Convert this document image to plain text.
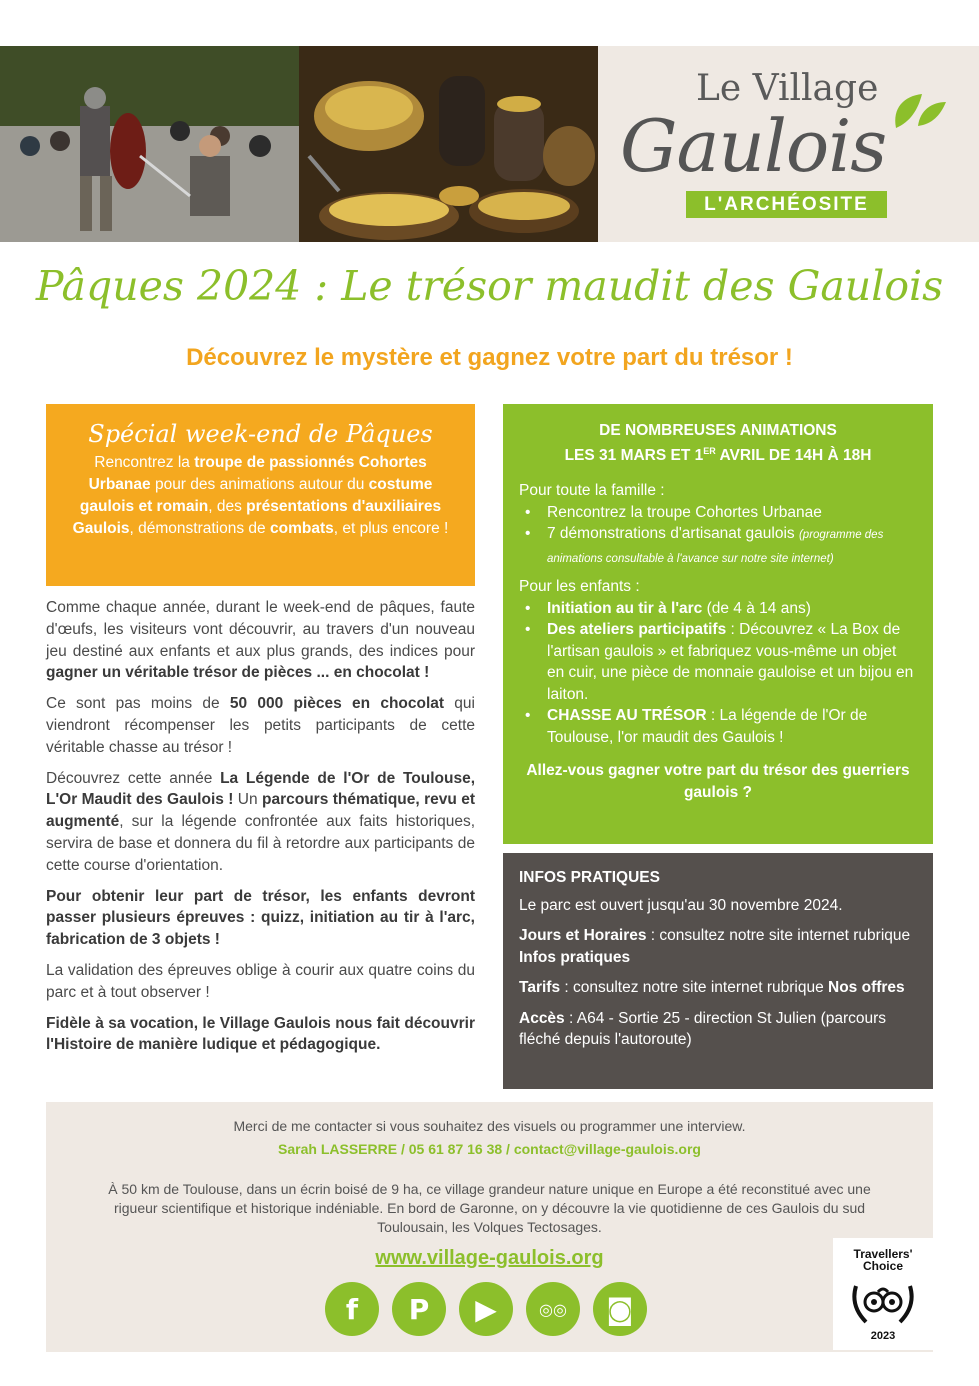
Le Village
Gaulois
L'ARCHÉOSITE
Pâques 2024 : Le trésor maudit des Gaulois
Découvrez le mystère et gagnez votre part du trésor !
Spécial week-end de Pâques

Rencontrez la troupe de passionnés Cohortes Urbanae pour des animations autour du costume gaulois et romain, des présentations d'auxiliaires Gaulois, démonstrations de combats, et plus encore !

Comme chaque année, durant le week-end de pâques, faute d'œufs, les visiteurs vont découvrir, au travers d'un nouveau jeu destiné aux enfants et aux plus grands, des indices pour gagner un véritable trésor de pièces ... en chocolat !

Ce sont pas moins de 50 000 pièces en chocolat qui viendront récompenser les petits participants de cette véritable chasse au trésor !

Découvrez cette année La Légende de l'Or de Toulouse, L'Or Maudit des Gaulois ! Un parcours thématique, revu et augmenté, sur la légende confrontée aux faits historiques, servira de base et donnera du fil à retordre aux participants de cette course d'orientation.

Pour obtenir leur part de trésor, les enfants devront passer plusieurs épreuves : quizz, initiation au tir à l'arc, fabrication de 3 objets !

La validation des épreuves oblige à courir aux quatre coins du parc et à tout observer !

Fidèle à sa vocation, le Village Gaulois nous fait découvrir l'Histoire de manière ludique et pédagogique.

DE NOMBREUSES ANIMATIONS
LES 31 MARS ET 1ER AVRIL DE 14H À 18H
Pour toute la famille :
• Rencontrez la troupe Cohortes Urbanae
• 7 démonstrations d'artisanat gaulois (programme des animations consultable à l'avance sur notre site internet)
Pour les enfants :
• Initiation au tir à l'arc (de 4 à 14 ans)
• Des ateliers participatifs : Découvrez « La Box de l'artisan gaulois » et fabriquez vous-même un objet en cuir, une pièce de monnaie gauloise et un bijou en laiton.
• CHASSE AU TRÉSOR : La légende de l'Or de Toulouse, l'or maudit des Gaulois !
Allez-vous gagner votre part du trésor des guerriers gaulois ?
INFOS PRATIQUES

Le parc est ouvert jusqu'au 30 novembre 2024.

Jours et Horaires : consultez notre site internet rubrique Infos pratiques

Tarifs : consultez notre site internet rubrique Nos offres

Accès : A64 - Sortie 25 - direction St Julien (parcours fléché depuis l'autoroute)

Merci de me contacter si vous souhaitez des visuels ou programmer une interview.
Sarah LASSERRE / 05 61 87 16 38 / contact@village-gaulois.org
À 50 km de Toulouse, dans un écrin boisé de 9 ha, ce village grandeur nature unique en Europe a été reconstitué avec une rigueur scientifique et historique indéniable. En bord de Garonne, on y découvre la vie quotidienne de ces Gaulois du sud Toulousain, les Volques Tectosages.
www.village-gaulois.org
f	P	▶	◎◎	◙
Travellers'
Choice
2023
